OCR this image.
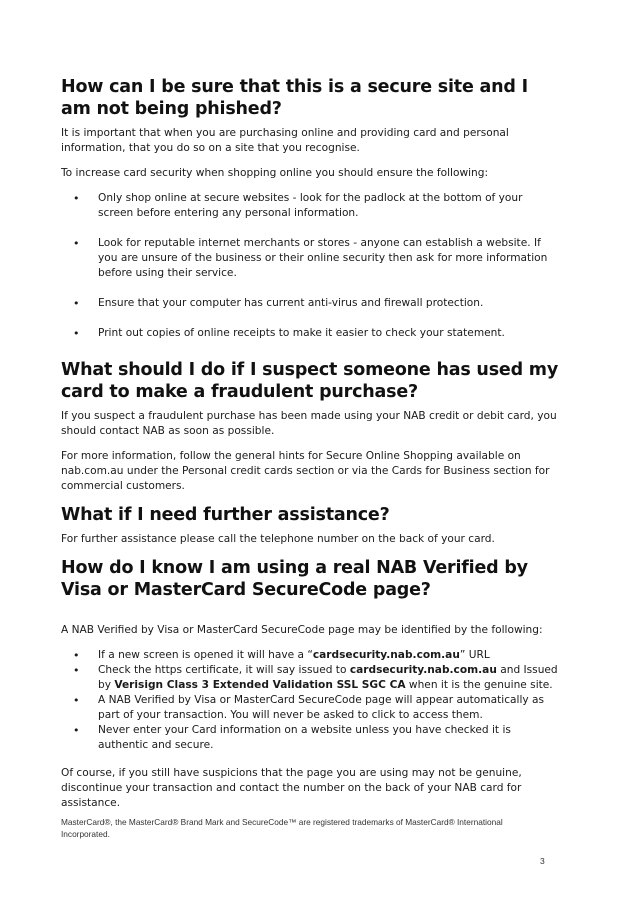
How can I be sure that this is a secure site and I am not being phished?

It is important that when you are purchasing online and providing card and personal information, that you do so on a site that you recognise.

To increase card security when shopping online you should ensure the following:

• Only shop online at secure websites - look for the padlock at the bottom of your screen before entering any personal information.
• Look for reputable internet merchants or stores - anyone can establish a website. If you are unsure of the business or their online security then ask for more information before using their service.
• Ensure that your computer has current anti-virus and firewall protection.
• Print out copies of online receipts to make it easier to check your statement.
What should I do if I suspect someone has used my card to make a fraudulent purchase?

If you suspect a fraudulent purchase has been made using your NAB credit or debit card, you should contact NAB as soon as possible.

For more information, follow the general hints for Secure Online Shopping available on nab.com.au under the Personal credit cards section or via the Cards for Business section for commercial customers.

What if I need further assistance?

For further assistance please call the telephone number on the back of your card.

How do I know I am using a real NAB Verified by Visa or MasterCard SecureCode page?

A NAB Verified by Visa or MasterCard SecureCode page may be identified by the following:

• If a new screen is opened it will have a “cardsecurity.nab.com.au” URL
• Check the https certificate, it will say issued to cardsecurity.nab.com.au and Issued by Verisign Class 3 Extended Validation SSL SGC CA when it is the genuine site.
• A NAB Verified by Visa or MasterCard SecureCode page will appear automatically as part of your transaction. You will never be asked to click to access them.
• Never enter your Card information on a website unless you have checked it is authentic and secure.

Of course, if you still have suspicions that the page you are using may not be genuine, discontinue your transaction and contact the number on the back of your NAB card for assistance.

MasterCard®, the MasterCard® Brand Mark and SecureCode™ are registered trademarks of MasterCard® International Incorporated.
3
